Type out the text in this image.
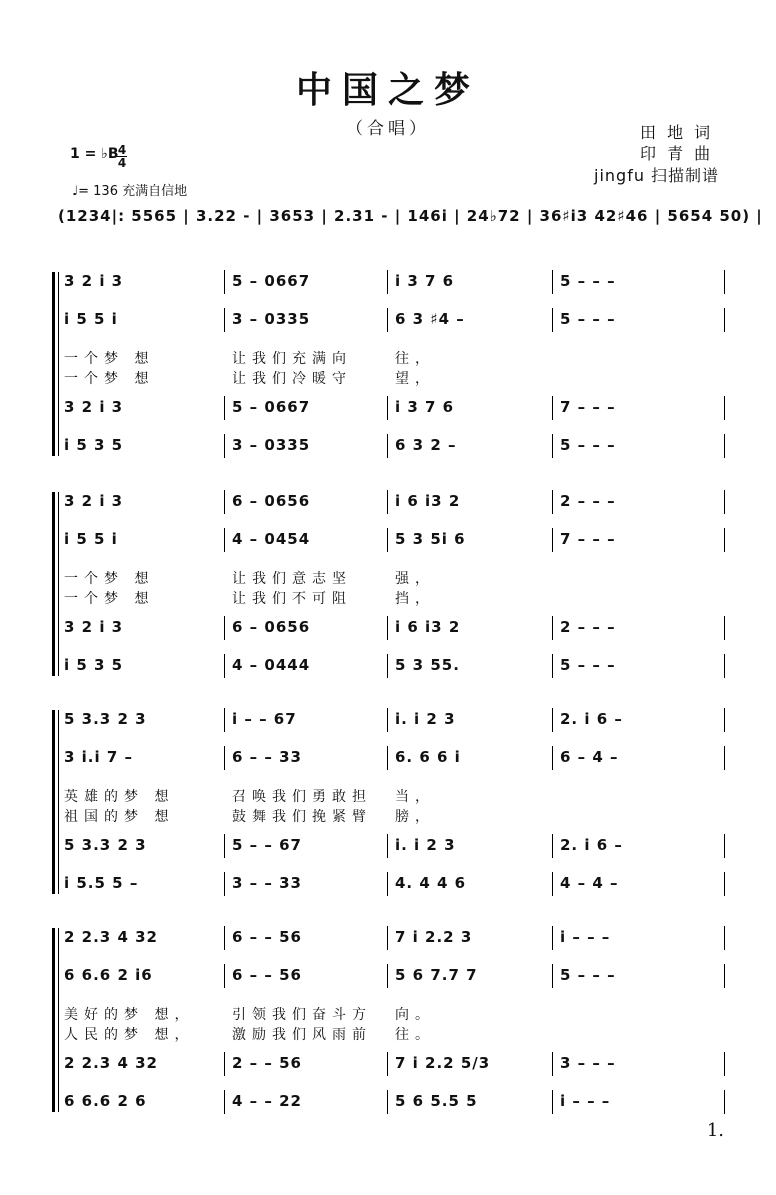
中国之梦
（合唱）	田 地 词
印 青 曲
jingfu 扫描制谱
1 = ♭B 4
4
♩= 136 充满自信地
(1234|: 5565 | 3.22 - | 3653 | 2.31 - | 146i | 24♭72 | 36♯i3 42♯46 | 5654 50) |
3 2 i 3	5 – 0667	i 3 7 6	5 – – –
i 5 5 i	3 – 0335	6 3 ♯4 –	5 – – –
一个梦 想	让我们充满向	往，
一个梦 想	让我们冷暖守	望，
3 2 i 3	5 – 0667	i 3 7 6	7 – – –
i 5 3 5	3 – 0335	6 3 2 –	5 – – –
3 2 i 3	6 – 0656	i 6 i3 2	2 – – –
i 5 5 i	4 – 0454	5 3 5i 6	7 – – –
一个梦 想	让我们意志坚	强，
一个梦 想	让我们不可阻	挡，
3 2 i 3	6 – 0656	i 6 i3 2	2 – – –
i 5 3 5	4 – 0444	5 3 55.	5 – – –
5 3.3 2 3	i – – 67	i. i 2 3	2. i 6 –
3 i.i 7 –	6 – – 33	6. 6 6 i	6 – 4 –
英雄的梦 想	召唤我们勇敢担 当，
祖国的梦 想	鼓舞我们挽紧臂 膀，
5 3.3 2 3	5 – – 67	i. i 2 3	2. i 6 –
i 5.5 5 –	3 – – 33	4. 4 4 6	4 – 4 –
2 2.3 4 32	6 – – 56	7 i 2.2 3	i – – –
6 6.6 2 i6	6 – – 56	5 6 7.7 7	5 – – –
美好的梦 想，	引领我们奋斗方 向。
人民的梦 想，	激励我们风雨前 往。
2 2.3 4 32	2 – – 56	7 i 2.2 5/3	3 – – –
6 6.6 2 6	4 – – 22	5 6 5.5 5	i – – –
1.
